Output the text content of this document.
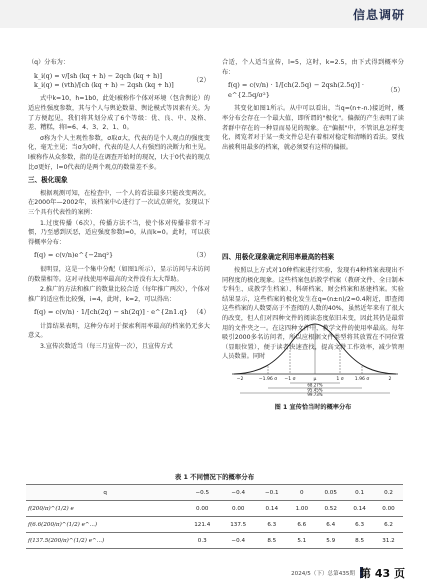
信息调研

（q）分布为：

k_i(q) = v/[sh (kq + h) − 2qch (kq + h)]
k_i(q) = (vth)/[ch (kq + h) − 2qsh (kq + h)]
（2）

式中k=10，h=1b0，此处l被称作个体对环境（包含舆论）的适应性强度参数，其与个人与舆论数量、舆论模式等因素有关。为了方便起见，我们将其划分成了6个等级：优、良、中、及格、差、糟糕，将l=6、4、3、2、1、0。

σ称为个人主观性参数，σ取σ大，代表的是个人观点的强度变化，毫无主见；当σ为0时，代表的是人人有强烈的决断力和主见。l被称作从众参数，指的是在调查开始时的现况，l大于0代表的现点比σ更好，l=0代表的是两个观点的数量差不多。

三、极化现象

根据观测可知，在检查中，一个人的看法最多只能改变两次。在2000年—2002年，该档案中心进行了一次试点研究，发现以下三个具有代表性的案例：

1.过度传播（6次），传播方法不当，使个体对传播非常不习惯，乃至感到厌恶，适应强度参数l=0，从而k=0。此时，可以获得概率分布：

f(q) = c(v/n)e^{−2nq²}	（3）

很明显，这是一个集中分配（如图1所示），显示访问与未访问的数量相等。这对寻找使用率最高的文件没有太大帮助。

2.推广的方法和推广的数量比较合适（每年推广两次），个体对推广的适应性比较强，i=4，此时，k=2，可以得出：

f(q) = c(v/n) · 1/[ch(2q) − sh(2q)] · e^{2n1.q} （4）

计算结果表明，这种分布对于探索利用率最高的档案仍无多大意义。

3.宣传次数适当（每三月宣传一次），且宣传方式

合适，个人适当宣传，l=5，这时，k=2.5，由下式得到概率分布：

f(q) = c(v/n) · 1/[ch(2.5q) − 2qsh(2.5q)] · e^{2.5q/σ²}
（5）

其变化如图1所示。从中可以看出，当q=(n+-n.)接近时，概率分布会存在一个最大值，即所谓的"极化"。偏振的产生表明了读者群中存在的一种显而易见的现象。在"偏振"中，不管讯息怎样变化，阅览者对于某一类文件总是有着相对稳定和清晰的看法。要找出被利用最多的档案，就必须要有这样的偏振。

四、用极化现象确定利用率最高的档案

按照以上方式对10种档案进行实验，发现有4种档案表现出不同程度的极化现象。这些档案包括教学档案（教研文件、全日制本专科生、成教学生档案）、科研档案、财会档案和基建档案。实验结果显示，这些档案的极化发生在q=(n±n)/2=0.4附近，即查阅这些档案的人数要高于不查阅的人数的40%，虽然近年来有了很大的改变，但人们对四种文件的阅读态度依旧未变，因此其仍是最常用的文件夹之一。在这四种文件中，教学文件的使用率最高。每年吸引2000多名访问者，所以应根据文件类型将其放置在不同位置（显眼位置），便于读者快速查找，提高文件工作效率，减少管理人员数量。同时

−2	−1.96 σ −1 σ	μ	1 σ 1.96 σ	2
68.27%
95.45%
99.73%
图 1 宣传恰当时的概率分布
表 1 不同情况下的概率分布
q	−0.5	−0.4	−0.1	0	0.05	0.1	0.2
f(200/π)^(1/2) e	0.00	0.00	0.14	1.00	0.52	0.14	0.00
f(6.6(200/π)^(1/2) e^...)	121.4	137.5	6.3	6.6	6.4	6.3	6.2
f(137.5(200/π)^(1/2) e^...)	0.3	−0.4	8.5	5.1	5.9	8.5	31.2
2024/5（下）总第435期 第 43 页
